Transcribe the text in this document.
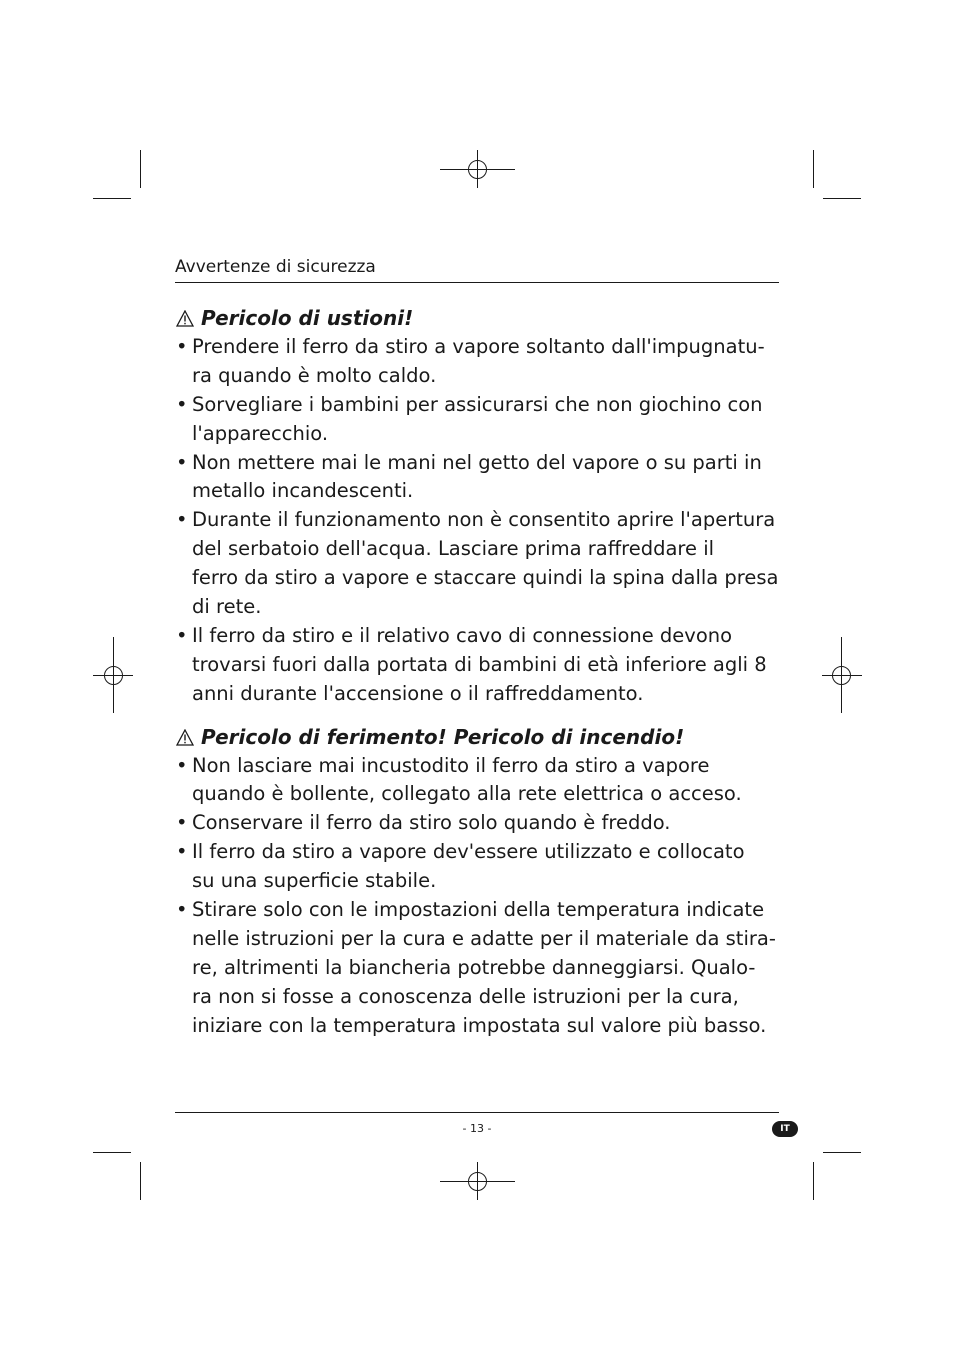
Avvertenze di sicurezza
Pericolo di ustioni!
• Prendere il ferro da stiro a vapore soltanto dall'impugnatu-
ra quando è molto caldo.
• Sorvegliare i bambini per assicurarsi che non giochino con
l'apparecchio.
• Non mettere mai le mani nel getto del vapore o su parti in
metallo incandescenti.
• Durante il funzionamento non è consentito aprire l'apertura
del serbatoio dell'acqua. Lasciare prima raffreddare il
ferro da stiro a vapore e staccare quindi la spina dalla presa
di rete.
• Il ferro da stiro e il relativo cavo di connessione devono
trovarsi fuori dalla portata di bambini di età inferiore agli 8
anni durante l'accensione o il raffreddamento.
Pericolo di ferimento! Pericolo di incendio!
• Non lasciare mai incustodito il ferro da stiro a vapore
quando è bollente, collegato alla rete elettrica o acceso.
• Conservare il ferro da stiro solo quando è freddo.
• Il ferro da stiro a vapore dev'essere utilizzato e collocato
su una superficie stabile.
• Stirare solo con le impostazioni della temperatura indicate
nelle istruzioni per la cura e adatte per il materiale da stira-
re, altrimenti la biancheria potrebbe danneggiarsi. Qualo-
ra non si fosse a conoscenza delle istruzioni per la cura,
iniziare con la temperatura impostata sul valore più basso.
- 13 -	IT
